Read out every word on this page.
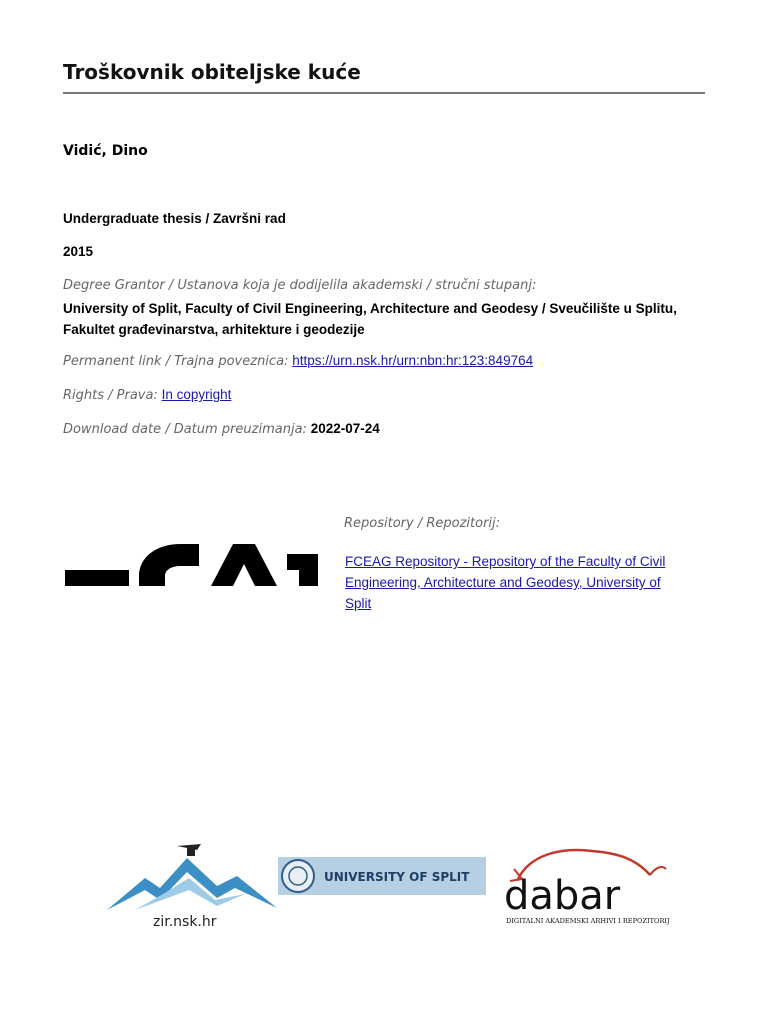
Troškovnik obiteljske kuće
Vidić, Dino
Undergraduate thesis / Završni rad
2015
Degree Grantor / Ustanova koja je dodijelila akademski / stručni stupanj:
University of Split, Faculty of Civil Engineering, Architecture and Geodesy / Sveučilište u Splitu, Fakultet građevinarstva, arhitekture i geodezije
Permanent link / Trajna poveznica: https://urn.nsk.hr/urn:nbn:hr:123:849764
Rights / Prava: In copyright
Download date / Datum preuzimanja: 2022-07-24
Repository / Repozitorij:
FCEAG Repository - Repository of the Faculty of Civil Engineering, Architecture and Geodesy, University of Split
zir.nsk.hr
UNIVERSITY OF SPLIT dabar
DIGITALNI AKADEMSKI ARHIVI I REPOZITORIJI
